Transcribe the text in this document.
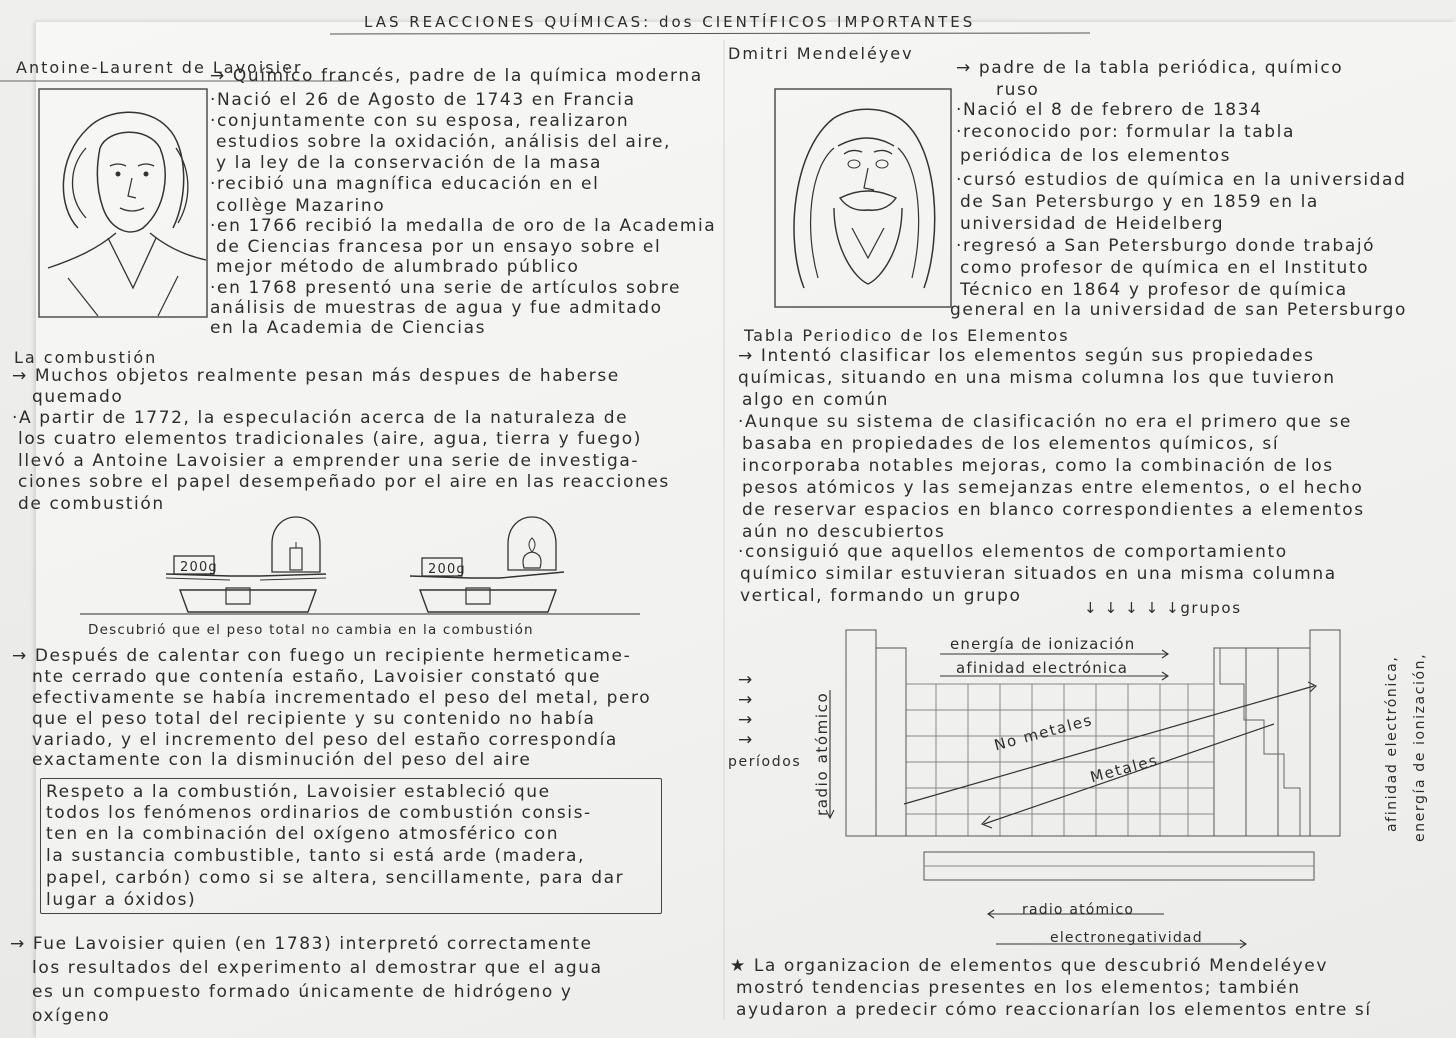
LAS REACCIONES QUÍMICAS: dos CIENTÍFICOS IMPORTANTES
Antoine-Laurent de Lavoisier
→ Químico francés, padre de la química moderna
·Nació el 26 de Agosto de 1743 en Francia
·conjuntamente con su esposa, realizaron
estudios sobre la oxidación, análisis del aire,
y la ley de la conservación de la masa
·recibió una magnífica educación en el
collège Mazarino
·en 1766 recibió la medalla de oro de la Academia
de Ciencias francesa por un ensayo sobre el
mejor método de alumbrado público
·en 1768 presentó una serie de artículos sobre
análisis de muestras de agua y fue admitado
en la Academia de Ciencias
La combustión
→ Muchos objetos realmente pesan más despues de haberse
quemado
·A partir de 1772, la especulación acerca de la naturaleza de
los cuatro elementos tradicionales (aire, agua, tierra y fuego)
llevó a Antoine Lavoisier a emprender una serie de investiga-
ciones sobre el papel desempeñado por el aire en las reacciones
de combustión
200g	200g
Descubrió que el peso total no cambia en la combustión
→ Después de calentar con fuego un recipiente hermeticame-
nte cerrado que contenía estaño, Lavoisier constató que
efectivamente se había incrementado el peso del metal, pero
que el peso total del recipiente y su contenido no había
variado, y el incremento del peso del estaño correspondía
exactamente con la disminución del peso del aire
Respeto a la combustión, Lavoisier estableció que
todos los fenómenos ordinarios de combustión consis-
ten en la combinación del oxígeno atmosférico con
la sustancia combustible, tanto si está arde (madera,
papel, carbón) como si se altera, sencillamente, para dar
lugar a óxidos)
→ Fue Lavoisier quien (en 1783) interpretó correctamente
los resultados del experimento al demostrar que el agua
es un compuesto formado únicamente de hidrógeno y
oxígeno
Dmitri Mendeléyev
→ padre de la tabla periódica, químico
ruso
·Nació el 8 de febrero de 1834
·reconocido por: formular la tabla
periódica de los elementos
·cursó estudios de química en la universidad
de San Petersburgo y en 1859 en la
universidad de Heidelberg
·regresó a San Petersburgo donde trabajó
como profesor de química en el Instituto
Técnico en 1864 y profesor de química
general en la universidad de san Petersburgo
Tabla Periodico de los Elementos
→ Intentó clasificar los elementos según sus propiedades
químicas, situando en una misma columna los que tuvieron
algo en común
·Aunque su sistema de clasificación no era el primero que se
basaba en propiedades de los elementos químicos, sí
incorporaba notables mejoras, como la combinación de los
pesos atómicos y las semejanzas entre elementos, o el hecho
de reservar espacios en blanco correspondientes a elementos
aún no descubiertos
·consiguió que aquellos elementos de comportamiento
químico similar estuvieran situados en una misma columna
vertical, formando un grupo
↓ ↓ ↓ ↓ ↓grupos
energía de ionización
afinidad electrónica
No metales
Metales
radio atómico
→
→
→
→
períodos	afinidad electrónica, energía de ionización,
radio atómico
electronegatividad
★ La organizacion de elementos que descubrió Mendeléyev
mostró tendencias presentes en los elementos; también
ayudaron a predecir cómo reaccionarían los elementos entre sí
